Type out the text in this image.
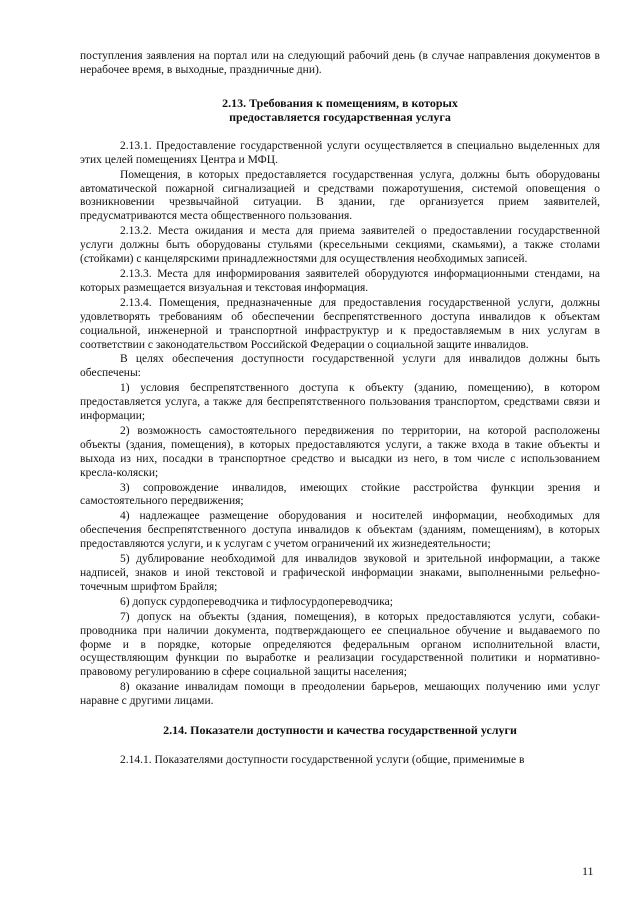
поступления заявления на портал или на следующий рабочий день (в случае направления документов в нерабочее время, в выходные, праздничные дни).

2.13. Требования к помещениям, в которых
предоставляется государственная услуга

2.13.1. Предоставление государственной услуги осуществляется в специально выделенных для этих целей помещениях Центра и МФЦ.

Помещения, в которых предоставляется государственная услуга, должны быть оборудованы автоматической пожарной сигнализацией и средствами пожаротушения, системой оповещения о возникновении чрезвычайной ситуации. В здании, где организуется прием заявителей, предусматриваются места общественного пользования.

2.13.2. Места ожидания и места для приема заявителей о предоставлении государственной услуги должны быть оборудованы стульями (кресельными секциями, скамьями), а также столами (стойками) с канцелярскими принадлежностями для осуществления необходимых записей.

2.13.3. Места для информирования заявителей оборудуются информационными стендами, на которых размещается визуальная и текстовая информация.

2.13.4. Помещения, предназначенные для предоставления государственной услуги, должны удовлетворять требованиям об обеспечении беспрепятственного доступа инвалидов к объектам социальной, инженерной и транспортной инфраструктур и к предоставляемым в них услугам в соответствии с законодательством Российской Федерации о социальной защите инвалидов.

В целях обеспечения доступности государственной услуги для инвалидов должны быть обеспечены:

1) условия беспрепятственного доступа к объекту (зданию, помещению), в котором предоставляется услуга, а также для беспрепятственного пользования транспортом, средствами связи и информации;

2) возможность самостоятельного передвижения по территории, на которой расположены объекты (здания, помещения), в которых предоставляются услуги, а также входа в такие объекты и выхода из них, посадки в транспортное средство и высадки из него, в том числе с использованием кресла-коляски;

3) сопровождение инвалидов, имеющих стойкие расстройства функции зрения и самостоятельного передвижения;

4) надлежащее размещение оборудования и носителей информации, необходимых для обеспечения беспрепятственного доступа инвалидов к объектам (зданиям, помещениям), в которых предоставляются услуги, и к услугам с учетом ограничений их жизнедеятельности;

5) дублирование необходимой для инвалидов звуковой и зрительной информации, а также надписей, знаков и иной текстовой и графической информации знаками, выполненными рельефно-точечным шрифтом Брайля;

6) допуск сурдопереводчика и тифлосурдопереводчика;

7) допуск на объекты (здания, помещения), в которых предоставляются услуги, собаки-проводника при наличии документа, подтверждающего ее специальное обучение и выдаваемого по форме и в порядке, которые определяются федеральным органом исполнительной власти, осуществляющим функции по выработке и реализации государственной политики и нормативно-правовому регулированию в сфере социальной защиты населения;

8) оказание инвалидам помощи в преодолении барьеров, мешающих получению ими услуг наравне с другими лицами.

2.14. Показатели доступности и качества государственной услуги

2.14.1. Показателями доступности государственной услуги (общие, применимые в

11
